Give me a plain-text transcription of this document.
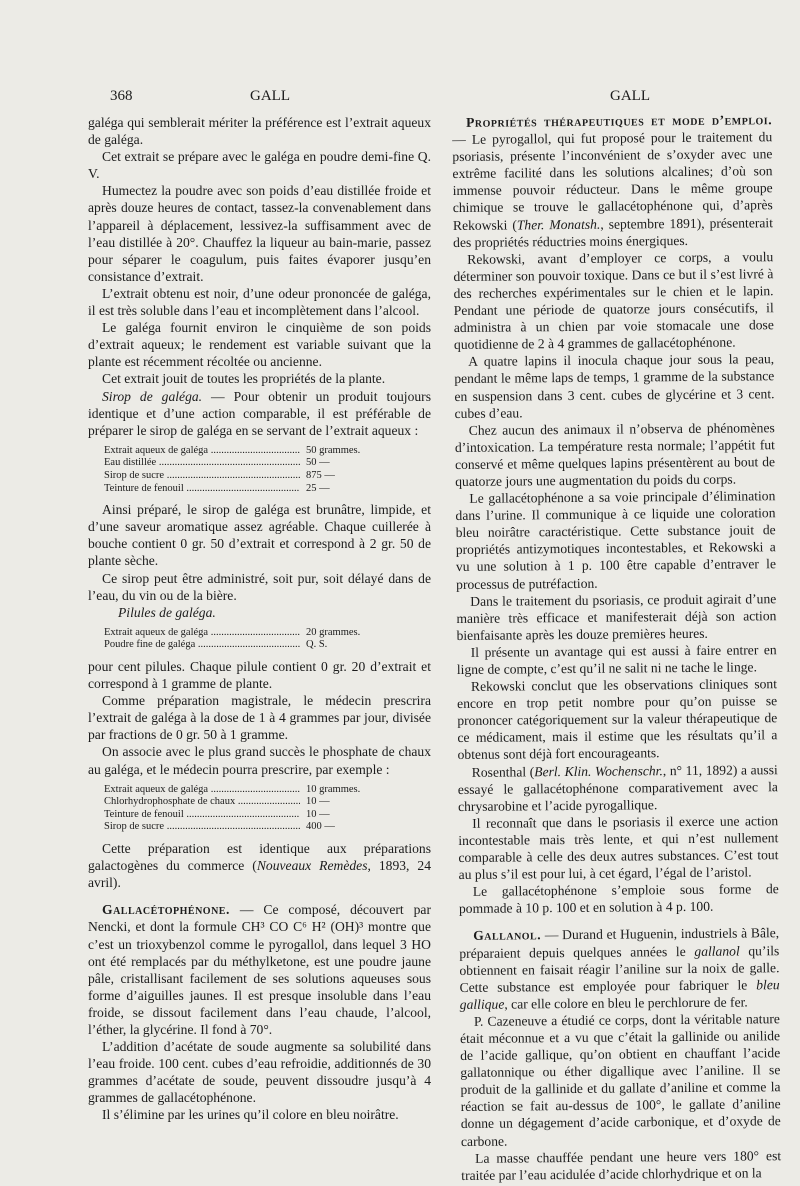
368	GALL	GALL

galéga qui semblerait mériter la préférence est l’extrait aqueux de galéga.

Cet extrait se prépare avec le galéga en poudre demi-fine Q. V.

Humectez la poudre avec son poids d’eau distillée froide et après douze heures de contact, tassez-la convenablement dans l’appareil à déplacement, lessivez-la suffisamment avec de l’eau distillée à 20°. Chauffez la liqueur au bain-marie, passez pour séparer le coagulum, puis faites évaporer jusqu’en consistance d’extrait.

L’extrait obtenu est noir, d’une odeur prononcée de galéga, il est très soluble dans l’eau et incomplètement dans l’alcool.

Le galéga fournit environ le cinquième de son poids d’extrait aqueux; le rendement est variable suivant que la plante est récemment récoltée ou ancienne.

Cet extrait jouit de toutes les propriétés de la plante.

Sirop de galéga. — Pour obtenir un produit toujours identique et d’une action comparable, il est préférable de préparer le sirop de galéga en se servant de l’extrait aqueux :

Extrait aqueux de galéga .....	50 grammes.
Eau distillée .....	50 —
Sirop de sucre .....	875 —
Teinture de fenouil .....	25 —

Ainsi préparé, le sirop de galéga est brunâtre, limpide, et d’une saveur aromatique assez agréable. Chaque cuillerée à bouche contient 0 gr. 50 d’extrait et correspond à 2 gr. 50 de plante sèche.

Ce sirop peut être administré, soit pur, soit délayé dans de l’eau, du vin ou de la bière.

Pilules de galéga.

Extrait aqueux de galéga .....	20 grammes.
Poudre fine de galéga .....	Q. S.

pour cent pilules. Chaque pilule contient 0 gr. 20 d’extrait et correspond à 1 gramme de plante.

Comme préparation magistrale, le médecin prescrira l’extrait de galéga à la dose de 1 à 4 grammes par jour, divisée par fractions de 0 gr. 50 à 1 gramme.

On associe avec le plus grand succès le phosphate de chaux au galéga, et le médecin pourra prescrire, par exemple :

Extrait aqueux de galéga .....	10 grammes.
Chlorhydrophosphate de chaux .....	10 —
Teinture de fenouil .....	10 —
Sirop de sucre .....	400 —

Cette préparation est identique aux préparations galactogènes du commerce (Nouveaux Remèdes, 1893, 24 avril).

Gallacétophénone. — Ce composé, découvert par Nencki, et dont la formule CH³ CO C⁶ H² (OH)³ montre que c’est un trioxybenzol comme le pyrogallol, dans lequel 3 HO ont été remplacés par du méthylketone, est une poudre jaune pâle, cristallisant facilement de ses solutions aqueuses sous forme d’aiguilles jaunes. Il est presque insoluble dans l’eau froide, se dissout facilement dans l’eau chaude, l’alcool, l’éther, la glycérine. Il fond à 70°.

L’addition d’acétate de soude augmente sa solubilité dans l’eau froide. 100 cent. cubes d’eau refroidie, additionnés de 30 grammes d’acétate de soude, peuvent dissoudre jusqu’à 4 grammes de gallacétophénone.

Il s’élimine par les urines qu’il colore en bleu noirâtre.

Propriétés thérapeutiques et mode d’emploi. — Le pyrogallol, qui fut proposé pour le traitement du psoriasis, présente l’inconvénient de s’oxyder avec une extrême facilité dans les solutions alcalines; d’où son immense pouvoir réducteur. Dans le même groupe chimique se trouve le gallacétophénone qui, d’après Rekowski (Ther. Monatsh., septembre 1891), présenterait des propriétés réductries moins énergiques.

Rekowski, avant d’employer ce corps, a voulu déterminer son pouvoir toxique. Dans ce but il s’est livré à des recherches expérimentales sur le chien et le lapin. Pendant une période de quatorze jours consécutifs, il administra à un chien par voie stomacale une dose quotidienne de 2 à 4 grammes de gallacétophénone.

A quatre lapins il inocula chaque jour sous la peau, pendant le même laps de temps, 1 gramme de la substance en suspension dans 3 cent. cubes de glycérine et 3 cent. cubes d’eau.

Chez aucun des animaux il n’observa de phénomènes d’intoxication. La température resta normale; l’appétit fut conservé et même quelques lapins présentèrent au bout de quatorze jours une augmentation du poids du corps.

Le gallacétophénone a sa voie principale d’élimination dans l’urine. Il communique à ce liquide une coloration bleu noirâtre caractéristique. Cette substance jouit de propriétés antizymotiques incontestables, et Rekowski a vu une solution à 1 p. 100 être capable d’entraver le processus de putréfaction.

Dans le traitement du psoriasis, ce produit agirait d’une manière très efficace et manifesterait déjà son action bienfaisante après les douze premières heures.

Il présente un avantage qui est aussi à faire entrer en ligne de compte, c’est qu’il ne salit ni ne tache le linge.

Rekowski conclut que les observations cliniques sont encore en trop petit nombre pour qu’on puisse se prononcer catégoriquement sur la valeur thérapeutique de ce médicament, mais il estime que les résultats qu’il a obtenus sont déjà fort encourageants.

Rosenthal (Berl. Klin. Wochenschr., n° 11, 1892) a aussi essayé le gallacétophénone comparativement avec la chrysarobine et l’acide pyrogallique.

Il reconnaît que dans le psoriasis il exerce une action incontestable mais très lente, et qui n’est nullement comparable à celle des deux autres substances. C’est tout au plus s’il est pour lui, à cet égard, l’égal de l’aristol.

Le gallacétophénone s’emploie sous forme de pommade à 10 p. 100 et en solution à 4 p. 100.

Gallanol. — Durand et Huguenin, industriels à Bâle, préparaient depuis quelques années le gallanol qu’ils obtiennent en faisait réagir l’aniline sur la noix de galle. Cette substance est employée pour fabriquer le bleu gallique, car elle colore en bleu le perchlorure de fer.

P. Cazeneuve a étudié ce corps, dont la véritable nature était méconnue et a vu que c’était la gallinide ou anilide de l’acide gallique, qu’on obtient en chauffant l’acide gallatonnique ou éther digallique avec l’aniline. Il se produit de la gallinide et du gallate d’aniline et comme la réaction se fait au-dessus de 100°, le gallate d’aniline donne un dégagement d’acide carbonique, et d’oxyde de carbone.

La masse chauffée pendant une heure vers 180° est traitée par l’eau acidulée d’acide chlorhydrique et on la
